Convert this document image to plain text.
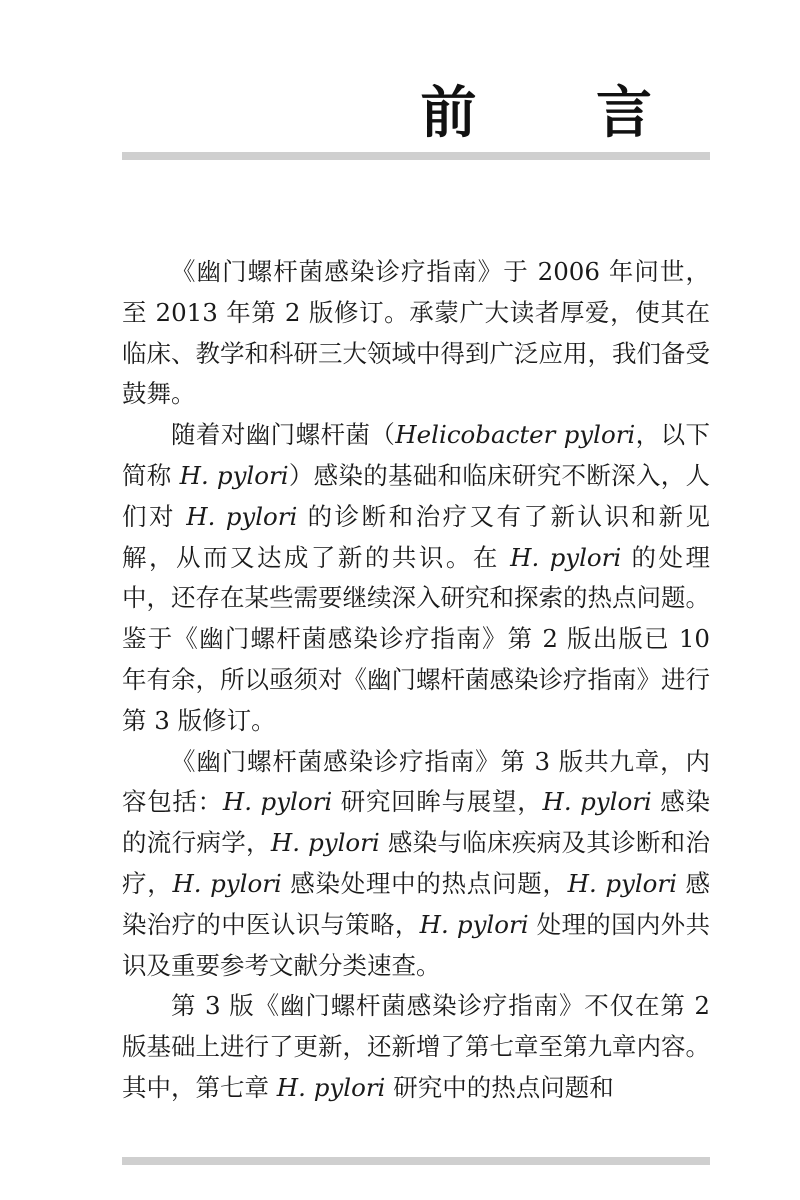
前 言

《幽门螺杆菌感染诊疗指南》于 2006 年问世，至 2013 年第 2 版修订。承蒙广大读者厚爱，使其在临床、教学和科研三大领域中得到广泛应用，我们备受鼓舞。

随着对幽门螺杆菌（Helicobacter pylori，以下简称 H. pylori）感染的基础和临床研究不断深入，人们对 H. pylori 的诊断和治疗又有了新认识和新见解，从而又达成了新的共识。在 H. pylori 的处理中，还存在某些需要继续深入研究和探索的热点问题。鉴于《幽门螺杆菌感染诊疗指南》第 2 版出版已 10 年有余，所以亟须对《幽门螺杆菌感染诊疗指南》进行第 3 版修订。

《幽门螺杆菌感染诊疗指南》第 3 版共九章，内容包括：H. pylori 研究回眸与展望，H. pylori 感染的流行病学，H. pylori 感染与临床疾病及其诊断和治疗，H. pylori 感染处理中的热点问题，H. pylori 感染治疗的中医认识与策略，H. pylori 处理的国内外共识及重要参考文献分类速查。

第 3 版《幽门螺杆菌感染诊疗指南》不仅在第 2 版基础上进行了更新，还新增了第七章至第九章内容。其中，第七章 H. pylori 研究中的热点问题和
